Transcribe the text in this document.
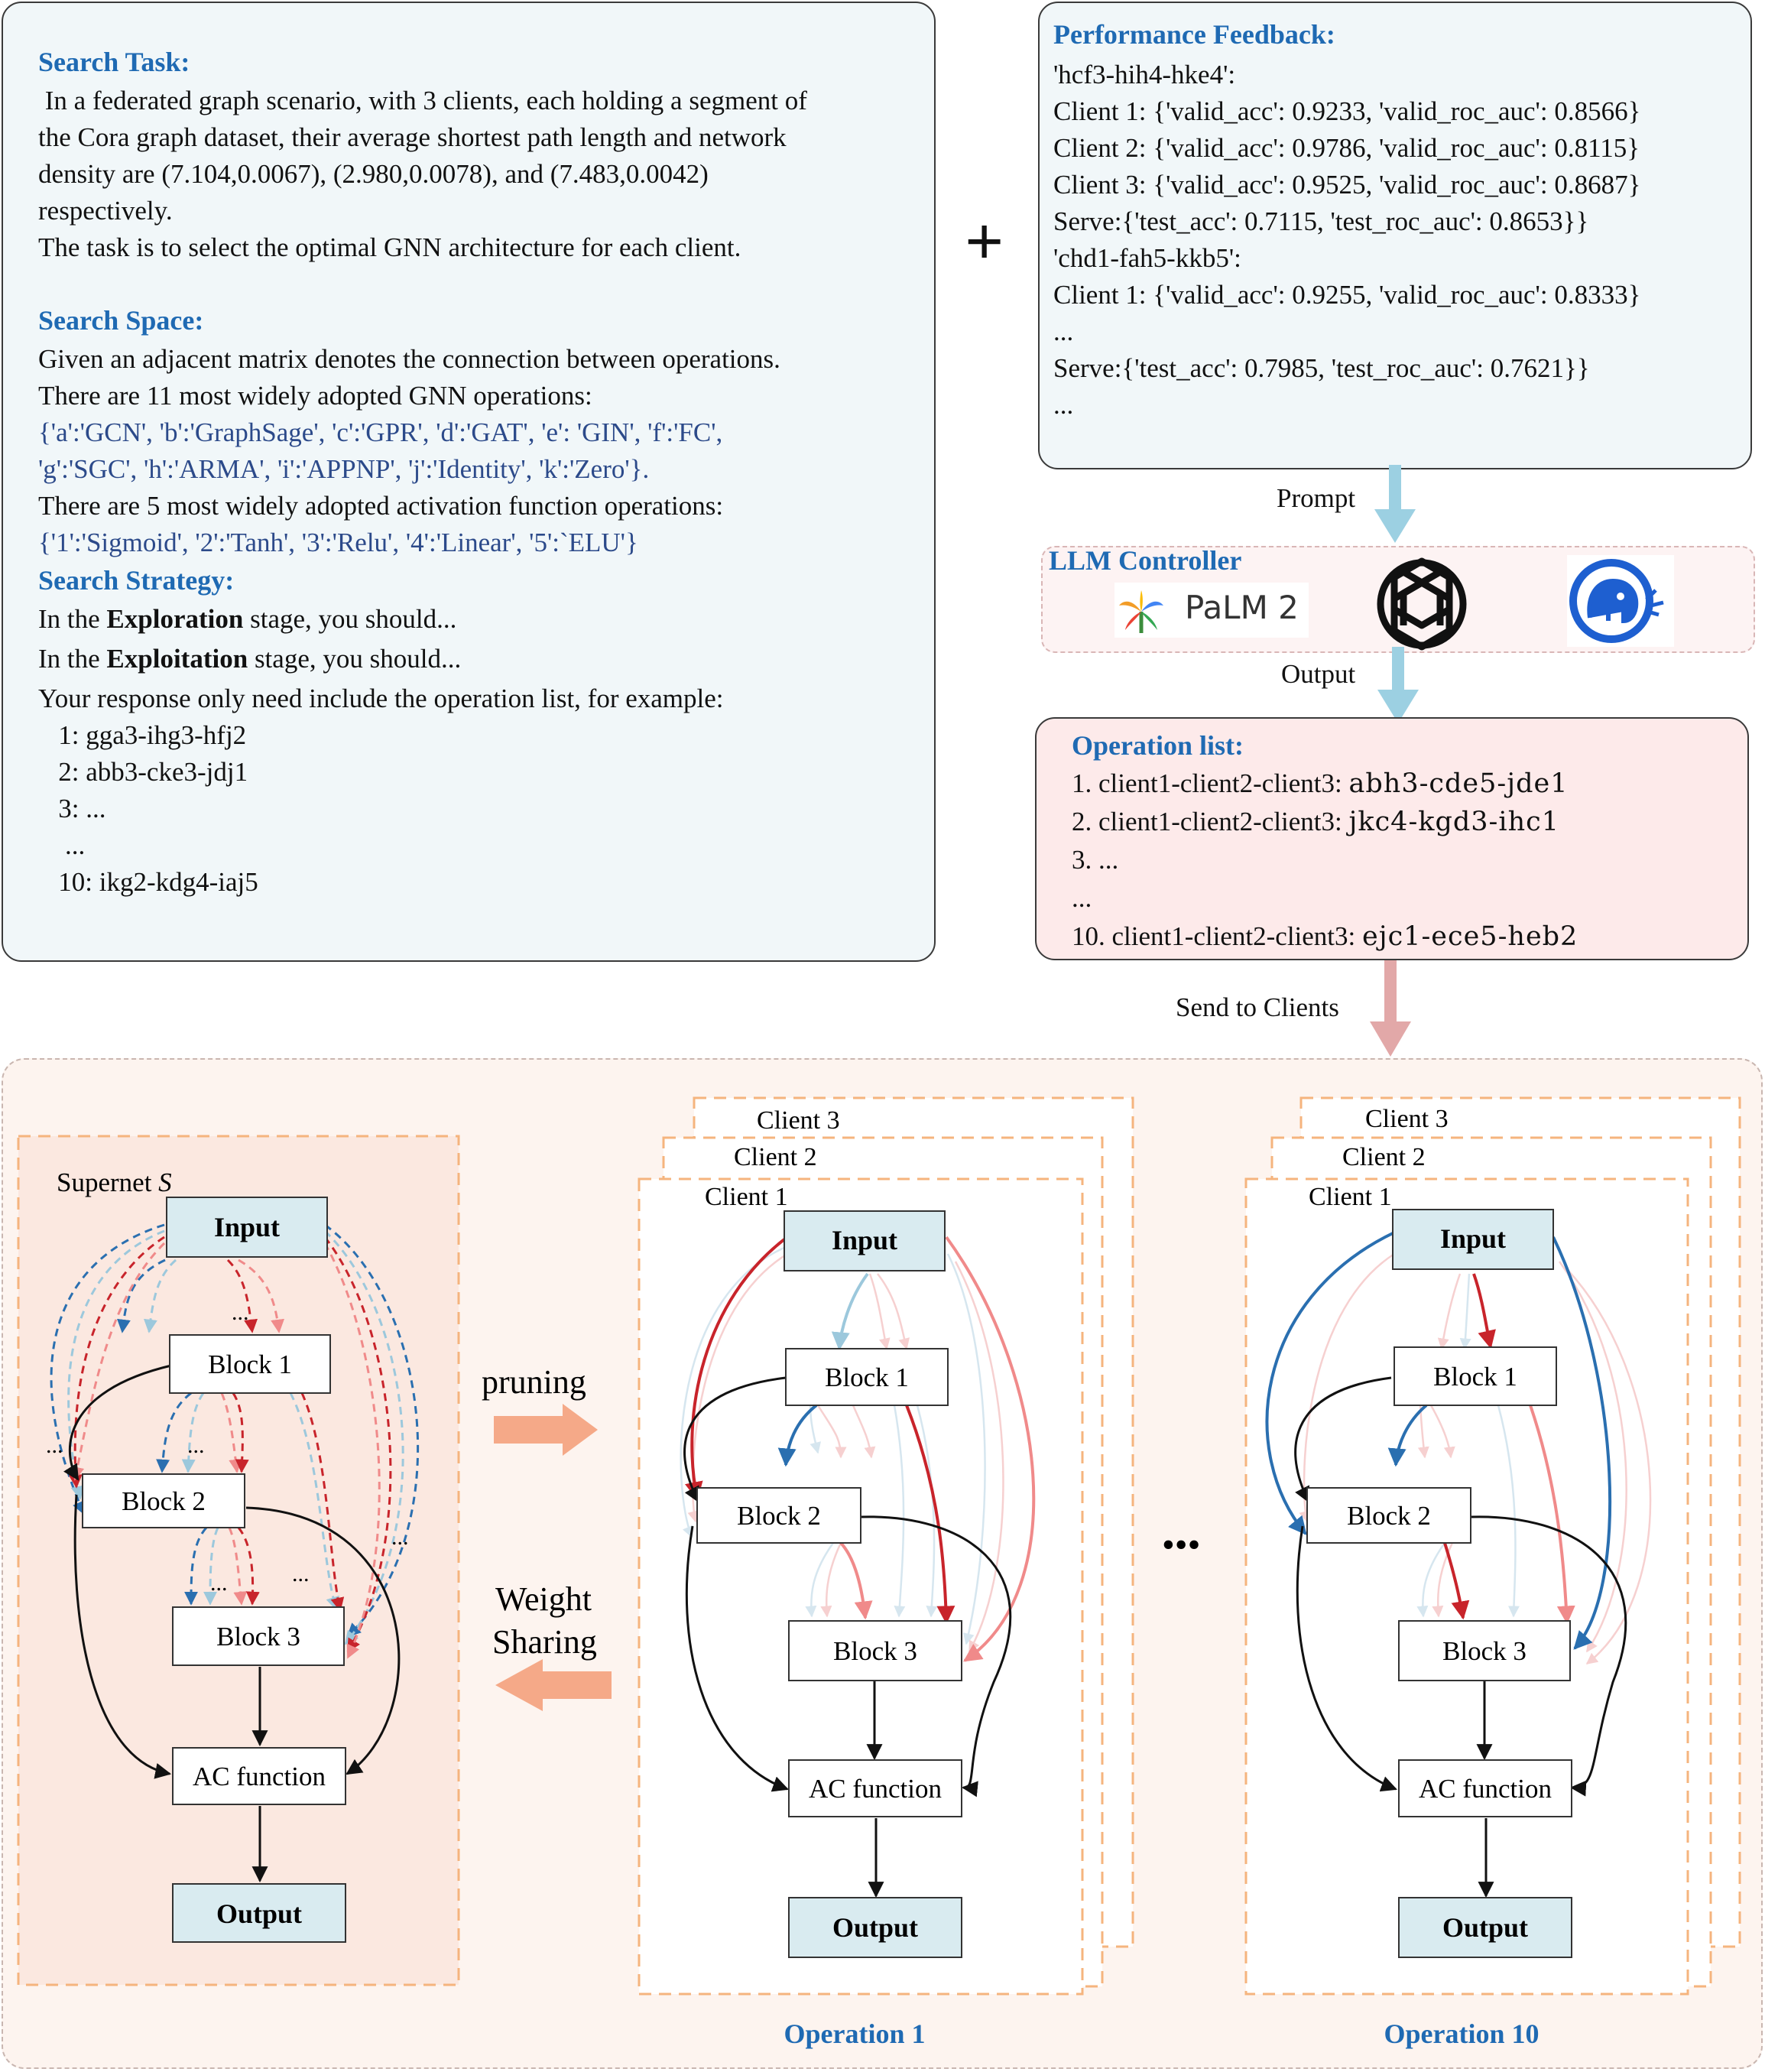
Search Task:
In a federated graph scenario, with 3 clients, each holding a segment of
the Cora graph dataset, their average shortest path length and network
density are (7.104,0.0067), (2.980,0.0078), and (7.483,0.0042)
respectively.
The task is to select the optimal GNN architecture for each client.
Search Space:
Given an adjacent matrix denotes the connection between operations.
There are 11 most widely adopted GNN operations:
{'a':'GCN', 'b':'GraphSage', 'c':'GPR', 'd':'GAT', 'e': 'GIN', 'f':'FC',
'g':'SGC', 'h':'ARMA', 'i':'APPNP', 'j':'Identity', 'k':'Zero'}.
There are 5 most widely adopted activation function operations:
{'1':'Sigmoid', '2':'Tanh', '3':'Relu', '4':'Linear', '5':`ELU'}
Search Strategy:
In the Exploration stage, you should...
In the Exploitation stage, you should...
Your response only need include the operation list, for example:
1: gga3-ihg3-hfj2
2: abb3-cke3-jdj1
3: ...
...
10: ikg2-kdg4-iaj5
+
Performance Feedback:
'hcf3-hih4-hke4':
Client 1: {'valid_acc': 0.9233, 'valid_roc_auc': 0.8566}
Client 2: {'valid_acc': 0.9786, 'valid_roc_auc': 0.8115}
Client 3: {'valid_acc': 0.9525, 'valid_roc_auc': 0.8687}
Serve:{'test_acc': 0.7115, 'test_roc_auc': 0.8653}}
'chd1-fah5-kkb5':
Client 1: {'valid_acc': 0.9255, 'valid_roc_auc': 0.8333}
...
Serve:{'test_acc': 0.7985, 'test_roc_auc': 0.7621}}
...
Prompt
LLM Controller
PaLM 2
Output
Operation list:
1. client1-client2-client3: abh3-cde5-jde1
2. client1-client2-client3: jkc4-kgd3-ihc1
3. ...
...
10. client1-client2-client3: ejc1-ece5-heb2
Send to Clients
Supernet S
...
...
...
...
...
...
Input
Block 1
Block 2
Block 3
AC function
Output
pruning
Weight
Sharing
Client 3
Client 2
Client 1
Input
Block 1
Block 2
Block 3
AC function
Output
•••
Client 3
Client 2
Client 1
Input
Block 1
Block 2
Block 3
AC function
Output
Operation 1	Operation 10
